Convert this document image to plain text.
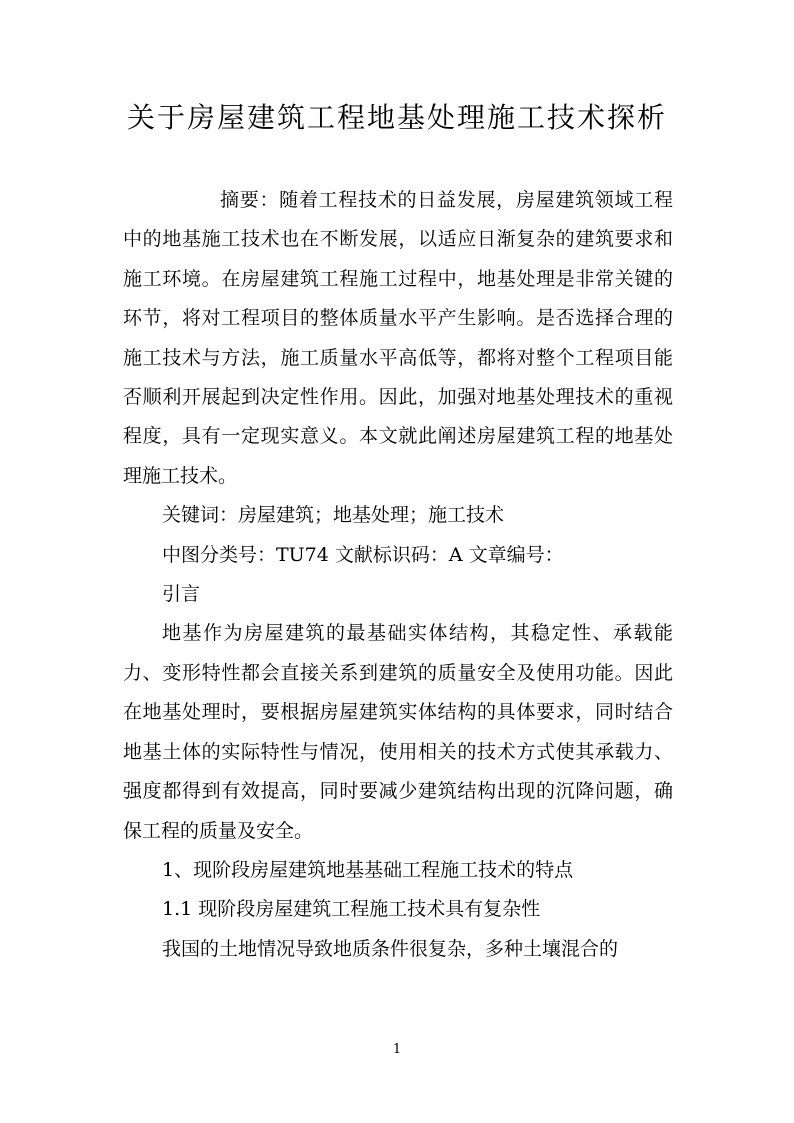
关于房屋建筑工程地基处理施工技术探析

摘要：随着工程技术的日益发展，房屋建筑领域工程中的地基施工技术也在不断发展，以适应日渐复杂的建筑要求和施工环境。在房屋建筑工程施工过程中，地基处理是非常关键的环节，将对工程项目的整体质量水平产生影响。是否选择合理的施工技术与方法，施工质量水平高低等，都将对整个工程项目能否顺利开展起到决定性作用。因此，加强对地基处理技术的重视程度，具有一定现实意义。本文就此阐述房屋建筑工程的地基处理施工技术。

关键词：房屋建筑；地基处理；施工技术

中图分类号：TU74 文献标识码：A 文章编号：

引言

地基作为房屋建筑的最基础实体结构，其稳定性、承载能力、变形特性都会直接关系到建筑的质量安全及使用功能。因此在地基处理时，要根据房屋建筑实体结构的具体要求，同时结合地基土体的实际特性与情况，使用相关的技术方式使其承载力、强度都得到有效提高，同时要减少建筑结构出现的沉降问题，确保工程的质量及安全。

1、现阶段房屋建筑地基基础工程施工技术的特点

1.1 现阶段房屋建筑工程施工技术具有复杂性

我国的土地情况导致地质条件很复杂，多种土壤混合的

1
